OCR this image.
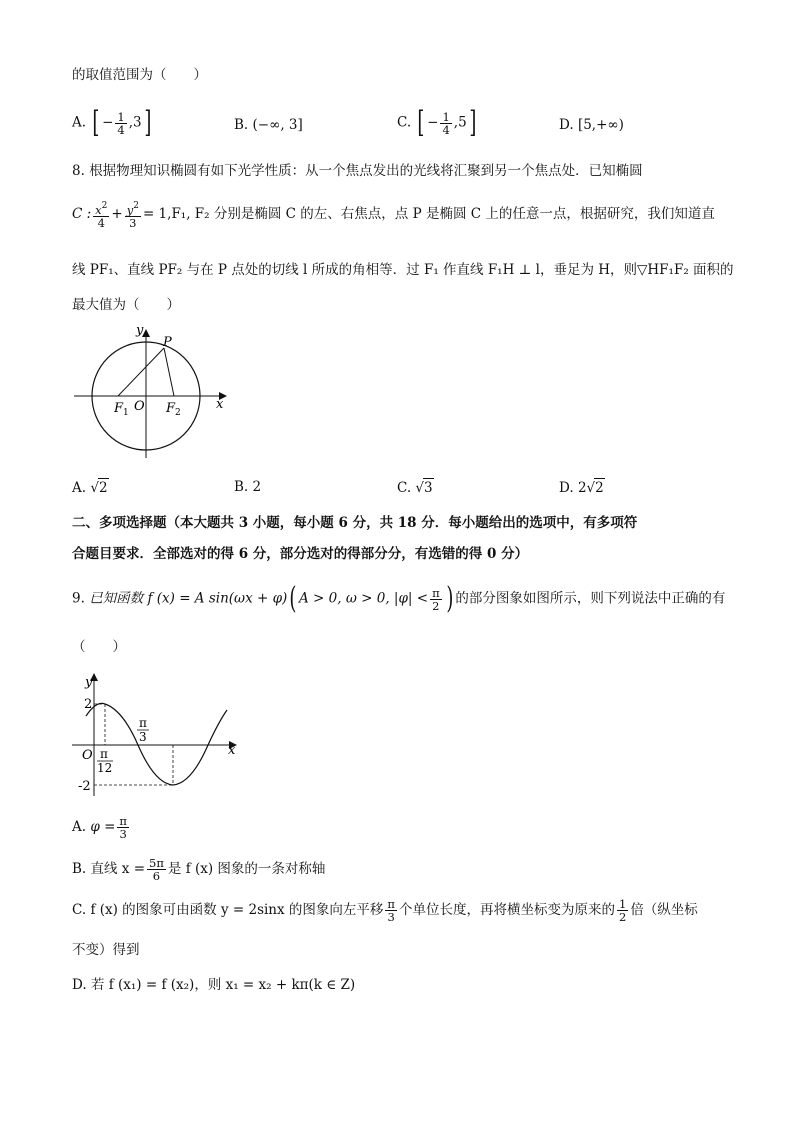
的取值范围为（　　）
A. [ − $\frac{1}{4} ,3$]	B. (−∞, 3]	C. [ − $\frac{1}{4} ,5$]	D. [5,+∞)
8. 根据物理知识椭圆有如下光学性质：从一个焦点发出的光线将汇聚到另一个焦点处．已知椭圆
C : $\frac{x^2}{4} + \frac{y^2}{3} = 1,F_1$, F₂ 分别是椭圆 C 的左、右焦点，点 P 是椭圆 C 上的任意一点，根据研究，我们知道直
线 PF₁、直线 PF₂ 与在 P 点处的切线 l 所成的角相等．过 F₁ 作直线 F₁H ⊥ l，垂足为 H，则▽HF₁F₂ 面积的
最大值为（　　）
y
x
P
O
F 1	F 2
A. √2	B. 2	C. √3	D. 2√2
二、多项选择题（本大题共 3 小题，每小题 6 分，共 18 分．每小题给出的选项中，有多项符
合题目要求．全部选对的得 6 分，部分选对的得部分分，有选错的得 0 分）
9. 已知函数 f (x) = A sin(ωx + φ)( A > 0, ω > 0, $|\varphi| < \frac{\pi}{2}$ ) 的部分图象如图所示，则下列说法中正确的有
（　　）
y
x
O
2
-2
π
12
π
3
A. $\varphi = \frac{\pi}{3}$
B. 直线 $x = \frac{5\pi}{6}$ 是 f (x) 图象的一条对称轴
C. f (x) 的图象可由函数 y = 2sinx 的图象向左平移 $\frac{\pi}{3}$ 个单位长度，再将横坐标变为原来的 $\frac{1}{2}$ 倍（纵坐标
不变）得到
D. 若 f (x₁) = f (x₂)，则 x₁ = x₂ + kπ(k ∈ Z)
